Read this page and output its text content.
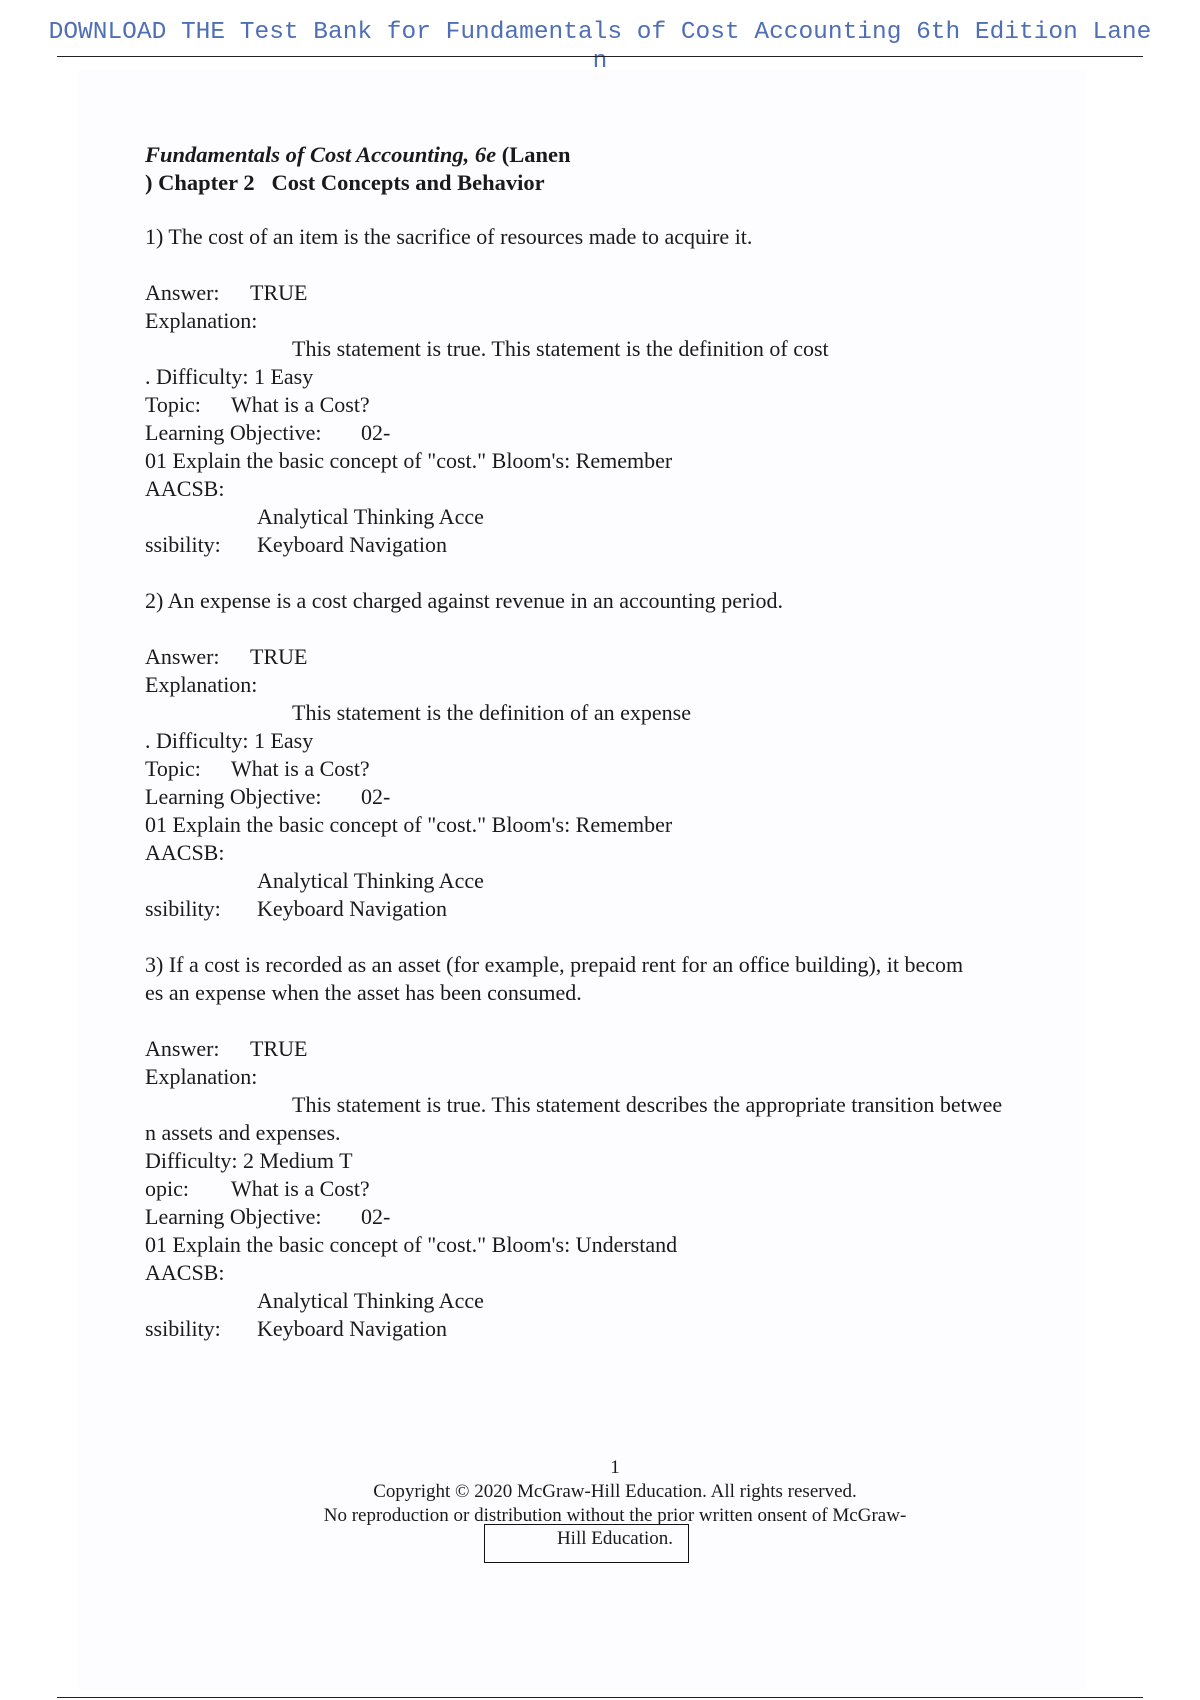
DOWNLOAD THE Test Bank for Fundamentals of Cost Accounting 6th Edition Lane
n
Fundamentals of Cost Accounting, 6e (Lanen
) Chapter 2 Cost Concepts and Behavior
1) The cost of an item is the sacrifice of resources made to acquire it.
Answer: TRUE
Explanation:
This statement is true. This statement is the definition of cost
. Difficulty: 1 Easy
Topic: What is a Cost?
Learning Objective: 02-
01 Explain the basic concept of "cost." Bloom's: Remember
AACSB:
Analytical Thinking Acce
ssibility: Keyboard Navigation
2) An expense is a cost charged against revenue in an accounting period.
Answer: TRUE
Explanation:
This statement is the definition of an expense
. Difficulty: 1 Easy
Topic: What is a Cost?
Learning Objective: 02-
01 Explain the basic concept of "cost." Bloom's: Remember
AACSB:
Analytical Thinking Acce
ssibility: Keyboard Navigation
3) If a cost is recorded as an asset (for example, prepaid rent for an office building), it becom
es an expense when the asset has been consumed.
Answer: TRUE
Explanation:
This statement is true. This statement describes the appropriate transition betwee
n assets and expenses.
Difficulty: 2 Medium T
opic: What is a Cost?
Learning Objective: 02-
01 Explain the basic concept of "cost." Bloom's: Understand
AACSB:
Analytical Thinking Acce
ssibility: Keyboard Navigation
1
Copyright © 2020 McGraw-Hill Education. All rights reserved.
No reproduction or distribution without the prior written onsent of McGraw-
Hill Education.
